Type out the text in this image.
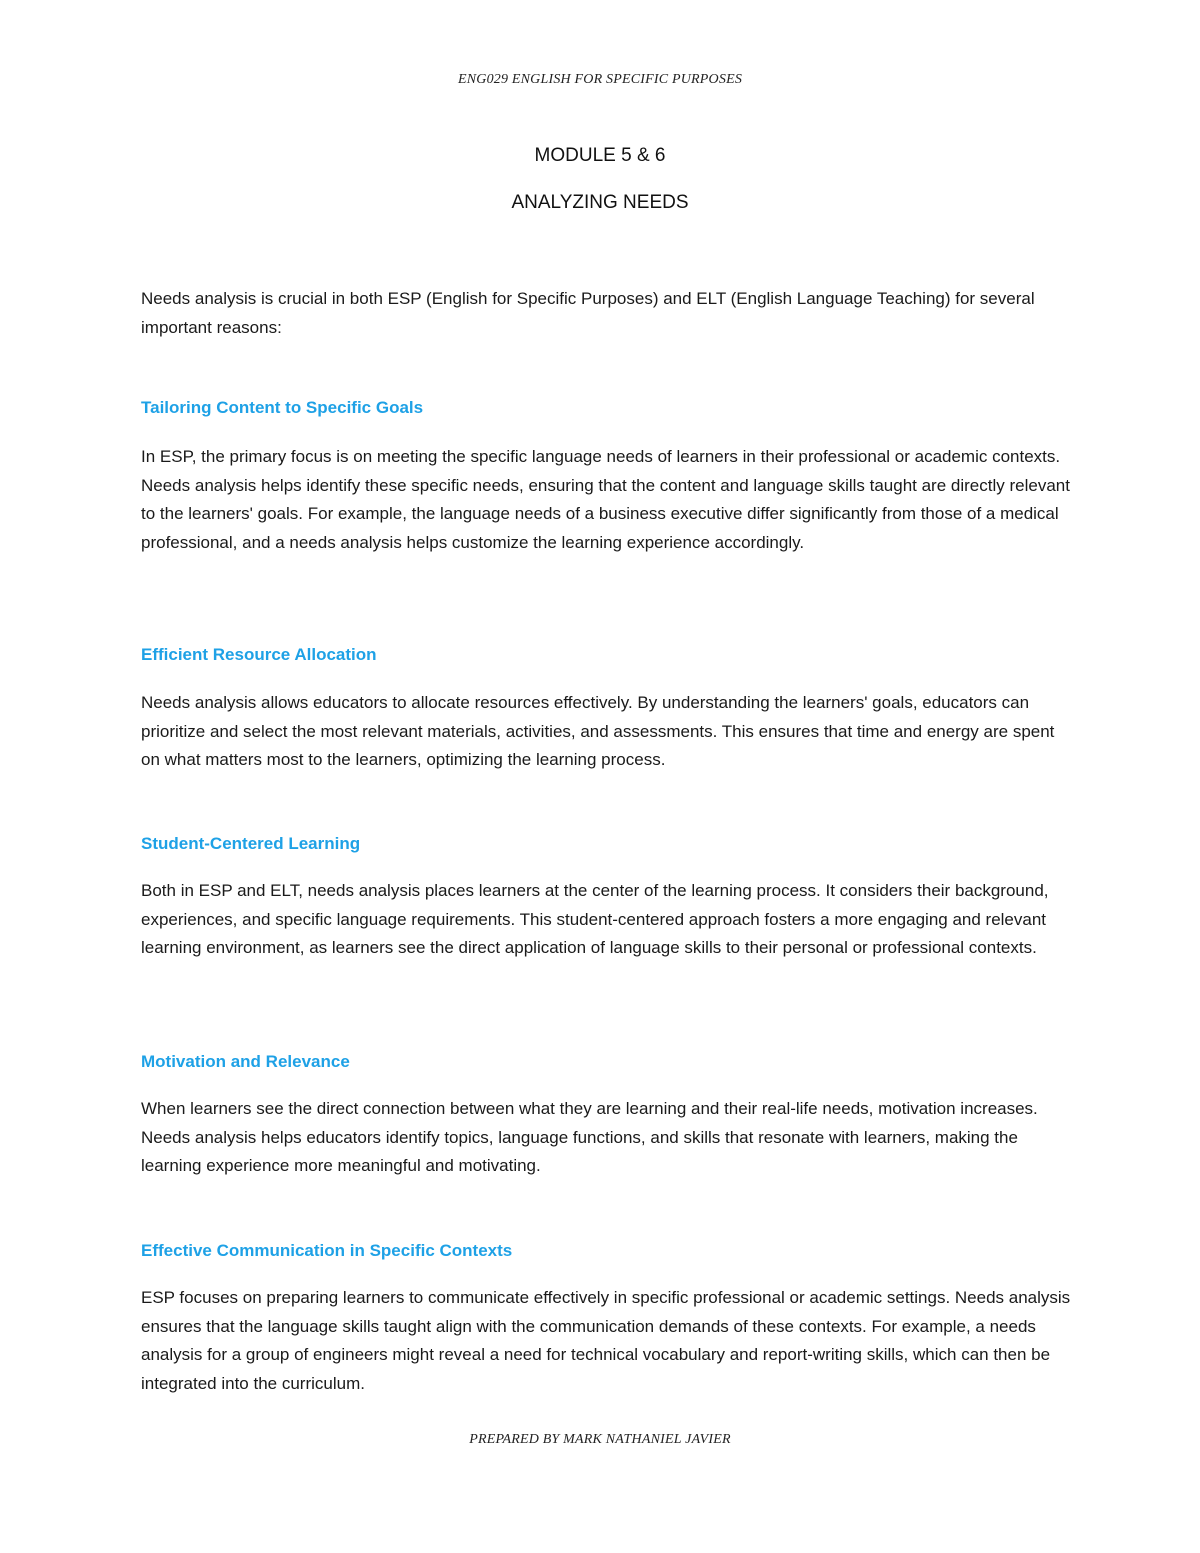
ENG029 ENGLISH FOR SPECIFIC PURPOSES
MODULE 5 & 6
ANALYZING NEEDS
Needs analysis is crucial in both ESP (English for Specific Purposes) and ELT (English Language Teaching) for several important reasons:
Tailoring Content to Specific Goals
In ESP, the primary focus is on meeting the specific language needs of learners in their professional or academic contexts. Needs analysis helps identify these specific needs, ensuring that the content and language skills taught are directly relevant to the learners' goals. For example, the language needs of a business executive differ significantly from those of a medical professional, and a needs analysis helps customize the learning experience accordingly.
Efficient Resource Allocation
Needs analysis allows educators to allocate resources effectively. By understanding the learners' goals, educators can prioritize and select the most relevant materials, activities, and assessments. This ensures that time and energy are spent on what matters most to the learners, optimizing the learning process.
Student-Centered Learning
Both in ESP and ELT, needs analysis places learners at the center of the learning process. It considers their background, experiences, and specific language requirements. This student-centered approach fosters a more engaging and relevant learning environment, as learners see the direct application of language skills to their personal or professional contexts.
Motivation and Relevance
When learners see the direct connection between what they are learning and their real-life needs, motivation increases. Needs analysis helps educators identify topics, language functions, and skills that resonate with learners, making the learning experience more meaningful and motivating.
Effective Communication in Specific Contexts
ESP focuses on preparing learners to communicate effectively in specific professional or academic settings. Needs analysis ensures that the language skills taught align with the communication demands of these contexts. For example, a needs analysis for a group of engineers might reveal a need for technical vocabulary and report-writing skills, which can then be integrated into the curriculum.
PREPARED BY MARK NATHANIEL JAVIER
